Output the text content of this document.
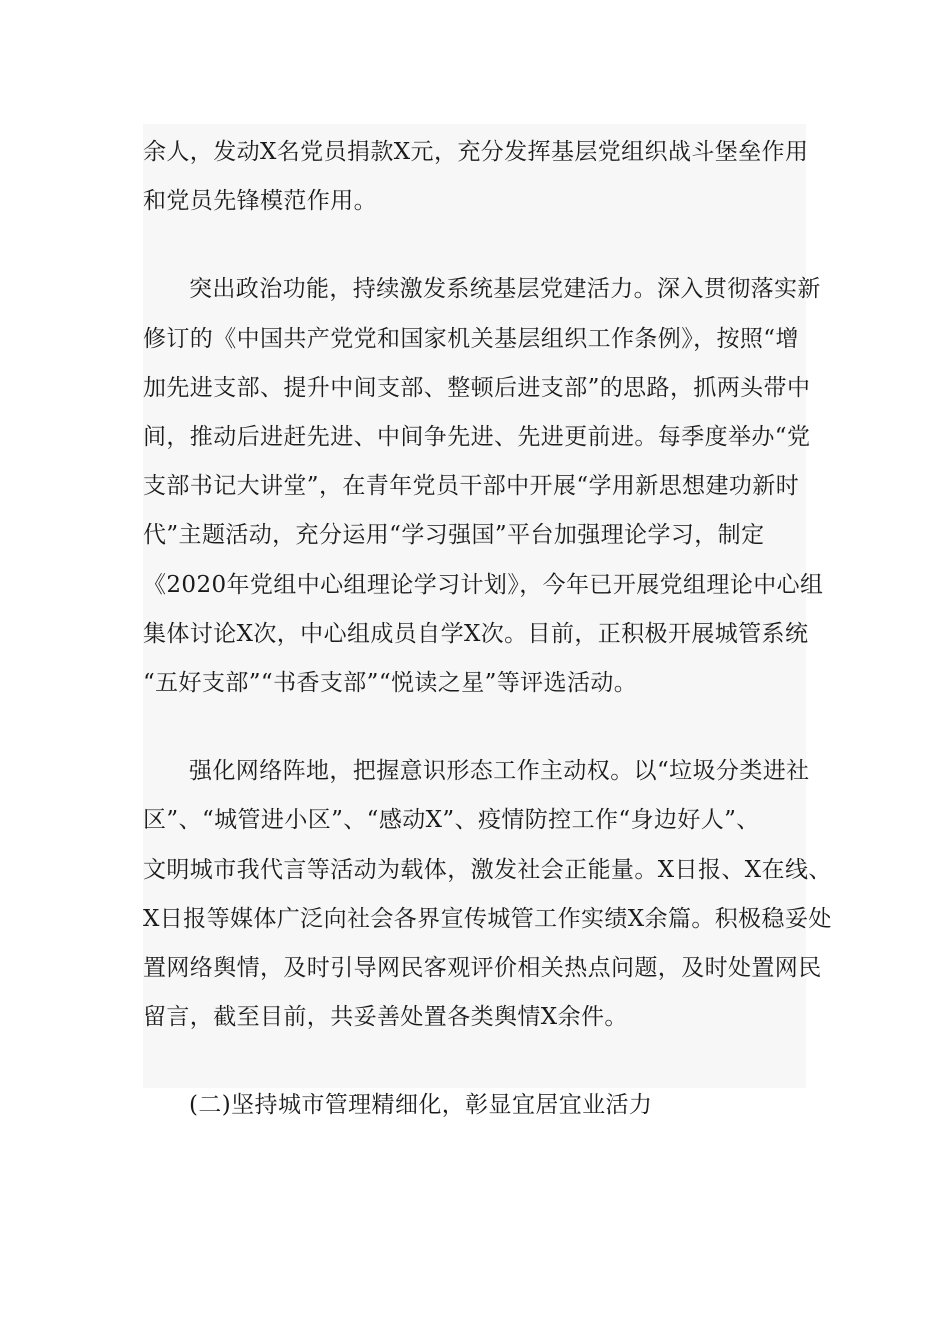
余人，发动X名党员捐款X元，充分发挥基层党组织战斗堡垒作用
和党员先锋模范作用。

突出政治功能，持续激发系统基层党建活力。深入贯彻落实新
修订的《中国共产党党和国家机关基层组织工作条例》，按照“增
加先进支部、提升中间支部、整顿后进支部”的思路，抓两头带中
间，推动后进赶先进、中间争先进、先进更前进。每季度举办“党
支部书记大讲堂”，在青年党员干部中开展“学用新思想建功新时
代”主题活动，充分运用“学习强国”平台加强理论学习，制定
《2020年党组中心组理论学习计划》，今年已开展党组理论中心组
集体讨论X次，中心组成员自学X次。目前，正积极开展城管系统
“五好支部”“书香支部”“悦读之星”等评选活动。

强化网络阵地，把握意识形态工作主动权。以“垃圾分类进社
区”、“城管进小区”、“感动X”、疫情防控工作“身边好人”、
文明城市我代言等活动为载体，激发社会正能量。X日报、X在线、
X日报等媒体广泛向社会各界宣传城管工作实绩X余篇。积极稳妥处
置网络舆情，及时引导网民客观评价相关热点问题，及时处置网民
留言，截至目前，共妥善处置各类舆情X余件。

(二)坚持城市管理精细化，彰显宜居宜业活力
